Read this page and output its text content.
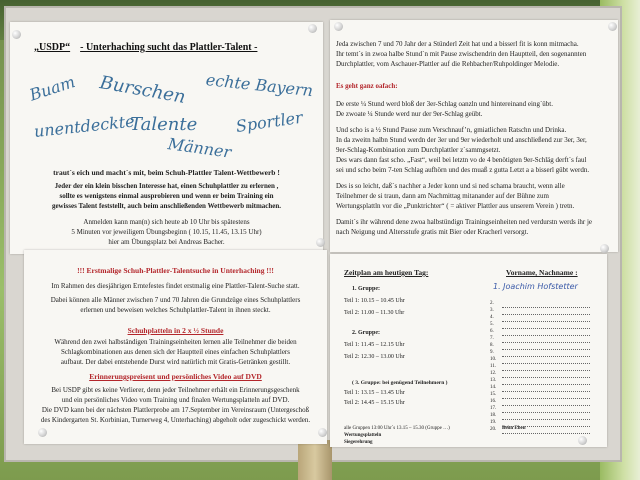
„USDP“ - Unterhaching sucht das Plattler-Talent -
Buam Burschen echte Bayern
unentdeckte
Talente Sportler
Männer
traut´s eich und macht´s mit, beim Schuh-Plattler Talent-Wettbewerb !
Jeder der ein klein bisschen Interesse hat, einen Schuhplattler zu erlernen ,
sollte es wenigstens einmal ausprobieren und wenn er beim Training ein
gewisses Talent feststellt, auch beim anschließenden Wettbewerb mitmachen.
Anmelden kann man(n) sich heute ab 10 Uhr bis spätestens
5 Minuten vor jeweiligem Übungsbeginn ( 10.15, 11.45, 13.15 Uhr)
hier am Übungsplatz bei Andreas Bacher.
Jeda zwischen 7 und 70 Jahr der a Stünderl Zeit hat und a bisserl fit is konn mitmacha.
Ihr temt´s in zwoa halbe Stund´n mit Pause zwischendrin den Hauptteil, den sogenannten
Durchplattler, vom Aschauer-Plattler auf die Rehbacher/Ruhpoldinger Melodie.
Es geht ganz oafach:
De erste ¼ Stund werd bloß der 3er-Schlag oanzln und hintereinand eing´übt.
De zwoate ¼ Stunde werd nur der 9er-Schlag geübt.
Und scho is a ½ Stund Pause zum Verschnauf’n, gmiatlichen Ratschn und Drinka.
In da zweitn halbn Stund werdn der 3er und 9er wiederholt und anschließend zur 3er, 3er,
9er-Schlag-Kombination zum Durchplattler z´sammgsetzt.
Des wars dann fast scho. „Fast“, weil bei letztn vo de 4 benötigten 9er-Schläg derft´s faul
sei und scho beim 7-ten Schlag aufhörn und des muaß z gutta Letzt a a bisserl gübt werdn.
Des is so leicht, daß´s nachher a Jeder konn und si ned schama braucht, wenn alle
Teilnehmer de si traun, dann am Nachmittag mitanander auf der Bühne zum
Wertungsplattln vor die „Punktrichter“ ( = aktiver Plattler aus unserem Verein ) tretn.
Damit´s ihr während dene zwoa halbstündign Trainingseinheiten ned verdurstn werds ihr je
nach Neigung und Altersstufe gratis mit Bier oder Kracherl versorgt.
!!! Erstmalige Schuh-Plattler-Talentsuche in Unterhaching !!!
Im Rahmen des diesjährigen Erntefestes findet erstmalig eine Plattler-Talent-Suche statt.
Dabei können alle Männer zwischen 7 und 70 Jahren die Grundzüge eines Schuhplattlers
erlernen und beweisen welches Schuhplattler-Talent in ihnen steckt.
Schuhplatteln in 2 x ½ Stunde
Während den zwei halbständigen Trainingseinheiten lernen alle Teilnehmer die beiden
Schlagkombinationen aus denen sich der Hauptteil eines einfachen Schuhplattlers
aufbaut. Der dabei entstehende Durst wird natürlich mit Gratis-Getränken gestillt.
Erinnerungspreisent und persönliches Video auf DVD
Bei USDP gibt es keine Verlierer, denn jeder Teilnehmer erhält ein Erinnerungsgeschenk
und ein persönliches Video vom Training und finalen Wertungsplatteln auf DVD.
Die DVD kann bei der nächsten Plattlerprobe am 17.September im Vereinsraum (Untergeschoß
des Kindergarten St. Korbinian, Turnerweg 4, Unterhaching) abgeholt oder zugeschickt werden.
Zeitplan am heutigen Tag:	Vorname, Nachname :
1. Joachim Hofstetter
1. Gruppe:
Teil 1: 10.15 – 10.45 Uhr
Teil 2: 11.00 – 11.30 Uhr
2. Gruppe:
Teil 1: 11.45 – 12.15 Uhr
Teil 2: 12.30 – 13.00 Uhr
( 3. Gruppe: bei genügend Teilnehmern )
Teil 1: 13.15 – 13.45 Uhr
Teil 2: 14.45 – 15.15 Uhr
alle Gruppen 13:00 Uhr´s 13.15 – 15.30 (Gruppe …)
Wertungsplatteln
Siegerehrung
Beim Eben
2.
3.
4.
5.
6.
7.
8.
9.
10.
11.
12.
13.
14.
15.
16.
17.
18.
19.
20.
